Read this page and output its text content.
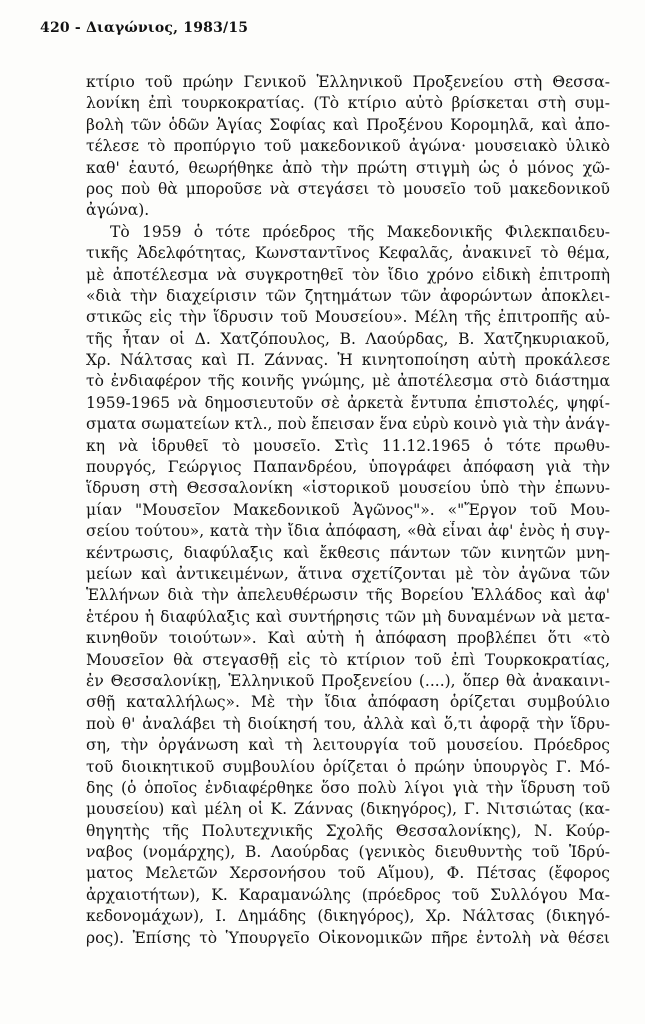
420 - Διαγώνιος, 1983/15
κτίριο τοῦ πρώην Γενικοῦ Ἑλληνικοῦ Προξενείου στὴ Θεσσα-
λονίκη ἐπὶ τουρκοκρατίας. (Τὸ κτίριο αὐτὸ βρίσκεται στὴ συμ-
βολὴ τῶν ὁδῶν Ἁγίας Σοφίας καὶ Προξένου Κορομηλᾶ, καὶ ἀπο-
τέλεσε τὸ προπύργιο τοῦ μακεδονικοῦ ἀγώνα· μουσειακὸ ὑλικὸ
καθ' ἑαυτό, θεωρήθηκε ἀπὸ τὴν πρώτη στιγμὴ ὡς ὁ μόνος χῶ-
ρος ποὺ θὰ μποροῦσε νὰ στεγάσει τὸ μουσεῖο τοῦ μακεδονικοῦ
ἀγώνα).
Τὸ 1959 ὁ τότε πρόεδρος τῆς Μακεδονικῆς Φιλεκπαιδευ-
τικῆς Ἀδελφότητας, Κωνσταντῖνος Κεφαλᾶς, ἀνακινεῖ τὸ θέμα,
μὲ ἀποτέλεσμα νὰ συγκροτηθεῖ τὸν ἴδιο χρόνο εἰδικὴ ἐπιτροπὴ
«διὰ τὴν διαχείρισιν τῶν ζητημάτων τῶν ἀφορώντων ἀποκλει-
στικῶς εἰς τὴν ἵδρυσιν τοῦ Μουσείου». Μέλη τῆς ἐπιτροπῆς αὐ-
τῆς ἦταν οἱ Δ. Χατζόπουλος, Β. Λαούρδας, Β. Χατζηκυριακοῦ,
Χρ. Νάλτσας καὶ Π. Ζάννας. Ἡ κινητοποίηση αὐτὴ προκάλεσε
τὸ ἐνδιαφέρον τῆς κοινῆς γνώμης, μὲ ἀποτέλεσμα στὸ διάστημα
1959-1965 νὰ δημοσιευτοῦν σὲ ἀρκετὰ ἔντυπα ἐπιστολές, ψηφί-
σματα σωματείων κτλ., ποὺ ἔπεισαν ἕνα εὐρὺ κοινὸ γιὰ τὴν ἀνάγ-
κη νὰ ἱδρυθεῖ τὸ μουσεῖο. Στὶς 11.12.1965 ὁ τότε πρωθυ-
πουργός, Γεώργιος Παπανδρέου, ὑπογράφει ἀπόφαση γιὰ τὴν
ἵδρυση στὴ Θεσσαλονίκη «ἱστορικοῦ μουσείου ὑπὸ τὴν ἐπωνυ-
μίαν "Μουσεῖον Μακεδονικοῦ Ἀγῶνος"». «"Ἔργον τοῦ Μου-
σείου τούτου», κατὰ τὴν ἴδια ἀπόφαση, «θὰ εἶναι ἀφ' ἑνὸς ἡ συγ-
κέντρωσις, διαφύλαξις καὶ ἔκθεσις πάντων τῶν κινητῶν μνη-
μείων καὶ ἀντικειμένων, ἅτινα σχετίζονται μὲ τὸν ἀγῶνα τῶν
Ἑλλήνων διὰ τὴν ἀπελευθέρωσιν τῆς Βορείου Ἑλλάδος καὶ ἀφ'
ἑτέρου ἡ διαφύλαξις καὶ συντήρησις τῶν μὴ δυναμένων νὰ μετα-
κινηθοῦν τοιούτων». Καὶ αὐτὴ ἡ ἀπόφαση προβλέπει ὅτι «τὸ
Μουσεῖον θὰ στεγασθῇ εἰς τὸ κτίριον τοῦ ἐπὶ Τουρκοκρατίας,
ἐν Θεσσαλονίκῃ, Ἑλληνικοῦ Προξενείου (....), ὅπερ θὰ ἀνακαινι-
σθῇ καταλλήλως». Μὲ τὴν ἴδια ἀπόφαση ὁρίζεται συμβούλιο
ποὺ θ' ἀναλάβει τὴ διοίκησή του, ἀλλὰ καὶ ὅ,τι ἀφορᾷ τὴν ἵδρυ-
ση, τὴν ὀργάνωση καὶ τὴ λειτουργία τοῦ μουσείου. Πρόεδρος
τοῦ διοικητικοῦ συμβουλίου ὁρίζεται ὁ πρώην ὑπουργὸς Γ. Μό-
δης (ὁ ὁποῖος ἐνδιαφέρθηκε ὅσο πολὺ λίγοι γιὰ τὴν ἵδρυση τοῦ
μουσείου) καὶ μέλη οἱ Κ. Ζάννας (δικηγόρος), Γ. Νιτσιώτας (κα-
θηγητὴς τῆς Πολυτεχνικῆς Σχολῆς Θεσσαλονίκης), Ν. Κούρ-
ναβος (νομάρχης), Β. Λαούρδας (γενικὸς διευθυντὴς τοῦ Ἱδρύ-
ματος Μελετῶν Χερσονήσου τοῦ Αἵμου), Φ. Πέτσας (ἔφορος
ἀρχαιοτήτων), Κ. Καραμανώλης (πρόεδρος τοῦ Συλλόγου Μα-
κεδονομάχων), Ι. Δημάδης (δικηγόρος), Χρ. Νάλτσας (δικηγό-
ρος). Ἐπίσης τὸ Ὑπουργεῖο Οἰκονομικῶν πῆρε ἐντολὴ νὰ θέσει
